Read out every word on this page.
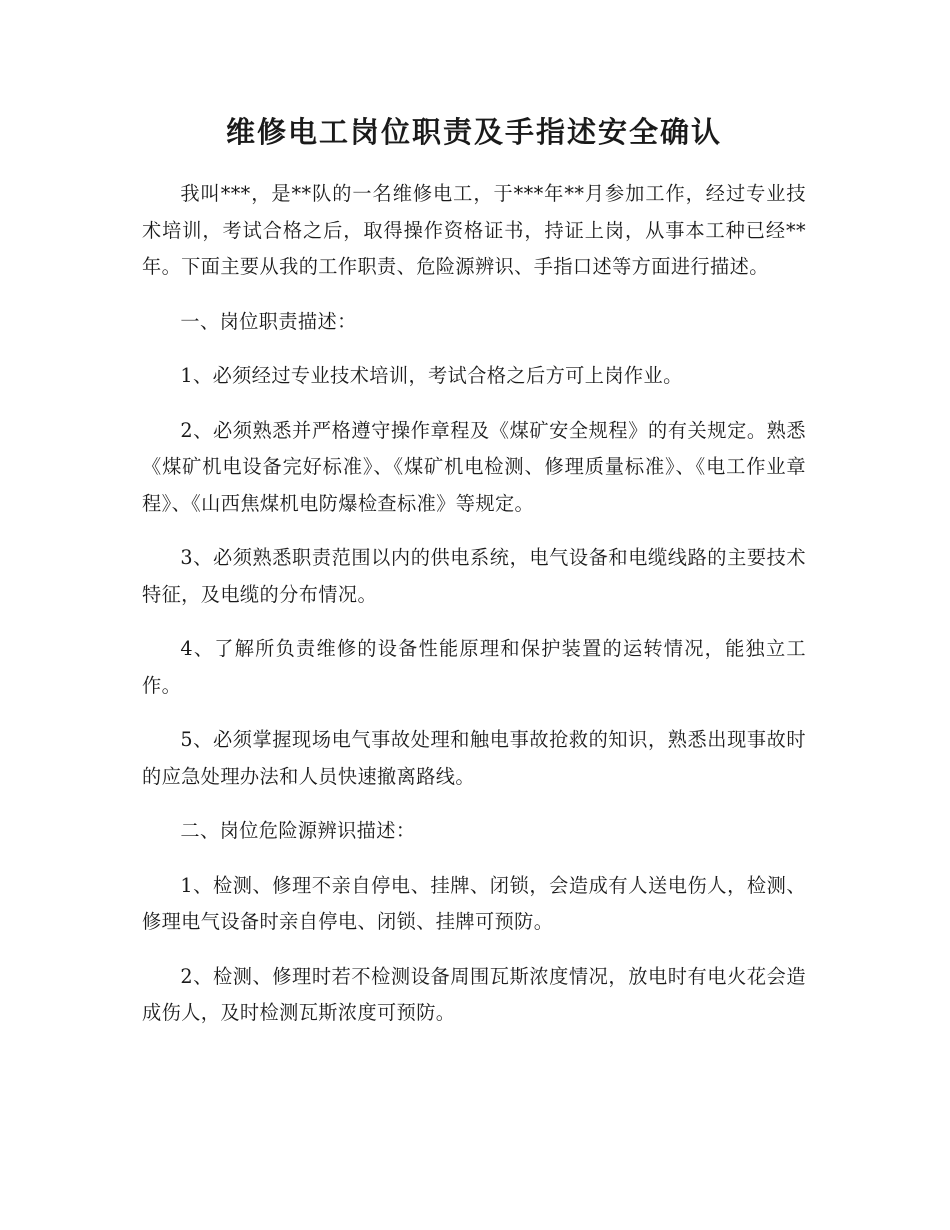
维修电工岗位职责及手指述安全确认

我叫***，是**队的一名维修电工，于***年**月参加工作，经过专业技术培训，考试合格之后，取得操作资格证书，持证上岗，从事本工种已经**年。下面主要从我的工作职责、危险源辨识、手指口述等方面进行描述。

一、岗位职责描述：

1、必须经过专业技术培训，考试合格之后方可上岗作业。

2、必须熟悉并严格遵守操作章程及《煤矿安全规程》的有关规定。熟悉《煤矿机电设备完好标准》、《煤矿机电检测、修理质量标准》、《电工作业章程》、《山西焦煤机电防爆检查标准》等规定。

3、必须熟悉职责范围以内的供电系统，电气设备和电缆线路的主要技术特征，及电缆的分布情况。

4、了解所负责维修的设备性能原理和保护装置的运转情况，能独立工作。

5、必须掌握现场电气事故处理和触电事故抢救的知识，熟悉出现事故时的应急处理办法和人员快速撤离路线。

二、岗位危险源辨识描述：

1、检测、修理不亲自停电、挂牌、闭锁，会造成有人送电伤人，检测、修理电气设备时亲自停电、闭锁、挂牌可预防。

2、检测、修理时若不检测设备周围瓦斯浓度情况，放电时有电火花会造成伤人，及时检测瓦斯浓度可预防。
